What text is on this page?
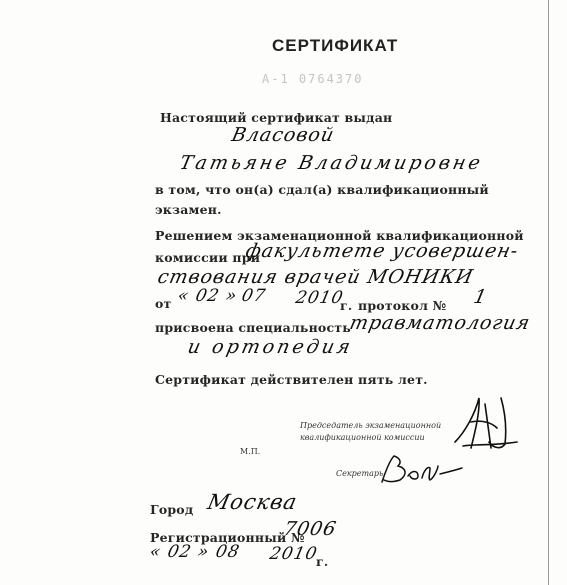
СЕРТИФИКАТ
А-1 0764370
Настоящий сертификат выдан
Власовой
Татьяне Владимировне
в том, что он(а) сдал(а) квалификационный
экзамен.
Решением экзаменационной квалификационной
комиссии при
факультете усовершен-
ствования врачей МОНИКИ
от « 02 » 07 2010
г. протокол № 1
присвоена специальность
травматология
и ортопедия
Сертификат действителен пять лет.
Председатель экзаменационной
квалификационной комиссии
М.П.
Секретарь
Город Москва
Регистрационный №
7006
« 02 » 08 2010
г.
